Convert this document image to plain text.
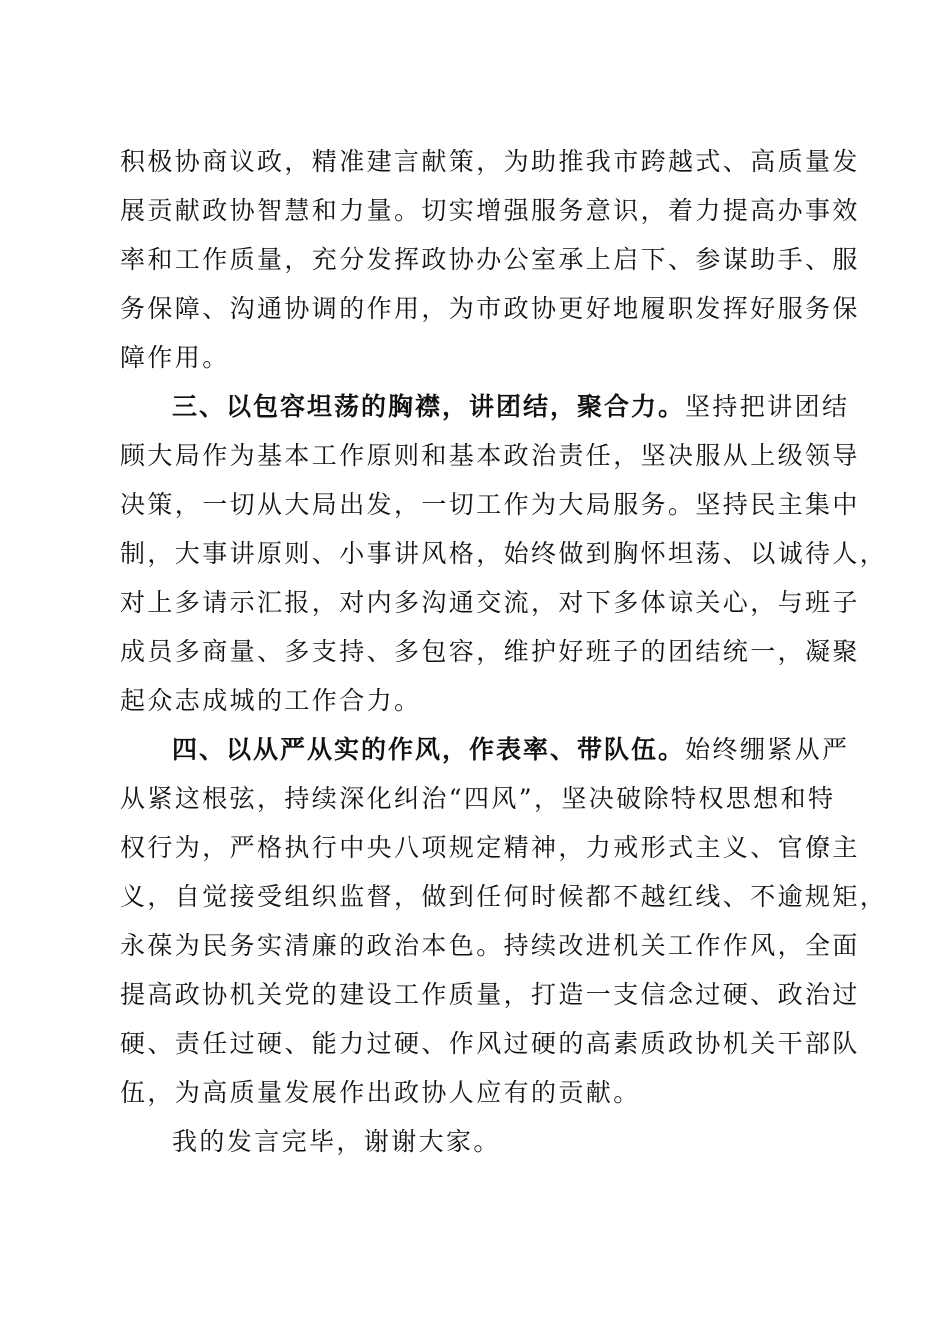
积极协商议政，精准建言献策，为助推我市跨越式、高质量发
展贡献政协智慧和力量。切实增强服务意识，着力提高办事效
率和工作质量，充分发挥政协办公室承上启下、参谋助手、服
务保障、沟通协调的作用，为市政协更好地履职发挥好服务保
障作用。
三、以包容坦荡的胸襟，讲团结，聚合力。坚持把讲团结
顾大局作为基本工作原则和基本政治责任，坚决服从上级领导
决策，一切从大局出发，一切工作为大局服务。坚持民主集中
制，大事讲原则、小事讲风格，始终做到胸怀坦荡、以诚待人，
对上多请示汇报，对内多沟通交流，对下多体谅关心，与班子
成员多商量、多支持、多包容，维护好班子的团结统一，凝聚
起众志成城的工作合力。
四、以从严从实的作风，作表率、带队伍。始终绷紧从严
从紧这根弦，持续深化纠治“四风”，坚决破除特权思想和特
权行为，严格执行中央八项规定精神，力戒形式主义、官僚主
义，自觉接受组织监督，做到任何时候都不越红线、不逾规矩，
永葆为民务实清廉的政治本色。持续改进机关工作作风，全面
提高政协机关党的建设工作质量，打造一支信念过硬、政治过
硬、责任过硬、能力过硬、作风过硬的高素质政协机关干部队
伍，为高质量发展作出政协人应有的贡献。
我的发言完毕，谢谢大家。
